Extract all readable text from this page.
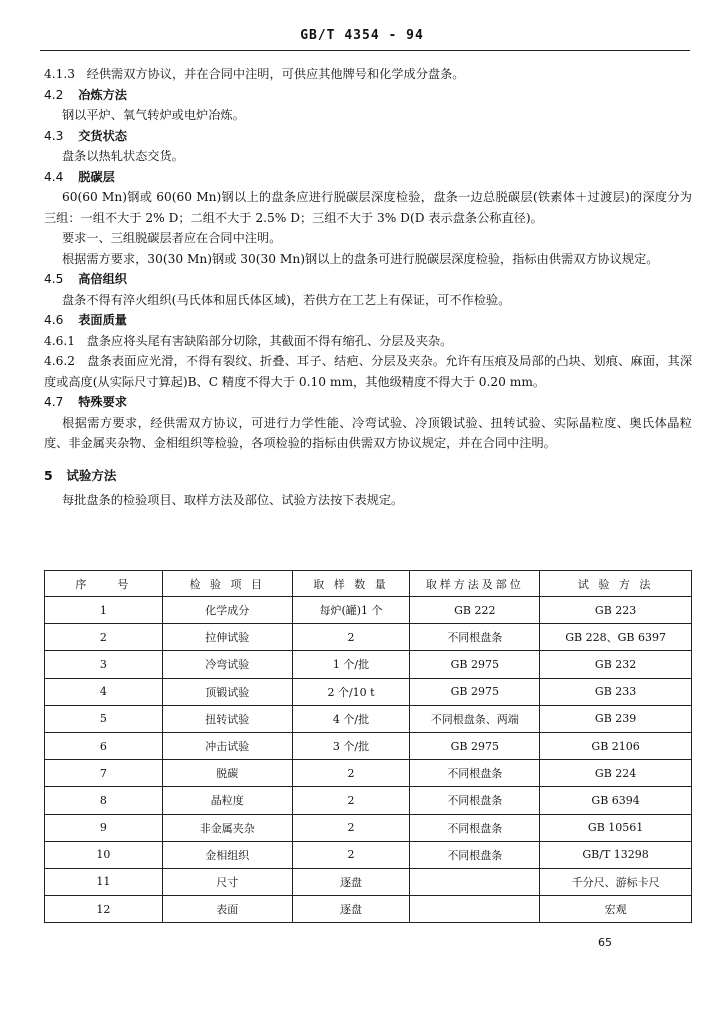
GB/T 4354 - 94

4.1.3 经供需双方协议，并在合同中注明，可供应其他牌号和化学成分盘条。

4.2 冶炼方法

钢以平炉、氧气转炉或电炉冶炼。

4.3 交货状态

盘条以热轧状态交货。

4.4 脱碳层

60(60 Mn)钢或 60(60 Mn)钢以上的盘条应进行脱碳层深度检验，盘条一边总脱碳层(铁素体＋过渡层)的深度分为三组：一组不大于 2% D；二组不大于 2.5% D；三组不大于 3% D(D 表示盘条公称直径)。

要求一、三组脱碳层者应在合同中注明。

根据需方要求，30(30 Mn)钢或 30(30 Mn)钢以上的盘条可进行脱碳层深度检验，指标由供需双方协议规定。

4.5 高倍组织

盘条不得有淬火组织(马氏体和屈氏体区域)，若供方在工艺上有保证，可不作检验。

4.6 表面质量

4.6.1 盘条应将头尾有害缺陷部分切除，其截面不得有缩孔、分层及夹杂。

4.6.2 盘条表面应光滑，不得有裂纹、折叠、耳子、结疤、分层及夹杂。允许有压痕及局部的凸块、划痕、麻面，其深度或高度(从实际尺寸算起)B、C 精度不得大于 0.10 mm，其他级精度不得大于 0.20 mm。

4.7 特殊要求

根据需方要求，经供需双方协议，可进行力学性能、冷弯试验、冷顶锻试验、扭转试验、实际晶粒度、奥氏体晶粒度、非金属夹杂物、金相组织等检验，各项检验的指标由供需双方协议规定，并在合同中注明。

5 试验方法

每批盘条的检验项目、取样方法及部位、试验方法按下表规定。

序　　号	检 验 项 目	取 样 数 量	取样方法及部位	试 验 方 法
1	化学成分	每炉(罐)1 个	GB 222	GB 223
2	拉伸试验	2	不同根盘条	GB 228、GB 6397
3	冷弯试验	1 个/批	GB 2975	GB 232
4	顶锻试验	2 个/10 t	GB 2975	GB 233
5	扭转试验	4 个/批	不同根盘条、两端	GB 239
6	冲击试验	3 个/批	GB 2975	GB 2106
7	脱碳	2	不同根盘条	GB 224
8	晶粒度	2	不同根盘条	GB 6394
9	非金属夹杂	2	不同根盘条	GB 10561
10	金相组织	2	不同根盘条	GB/T 13298
11	尺寸	逐盘		千分尺、游标卡尺
12	表面	逐盘		宏观
65
